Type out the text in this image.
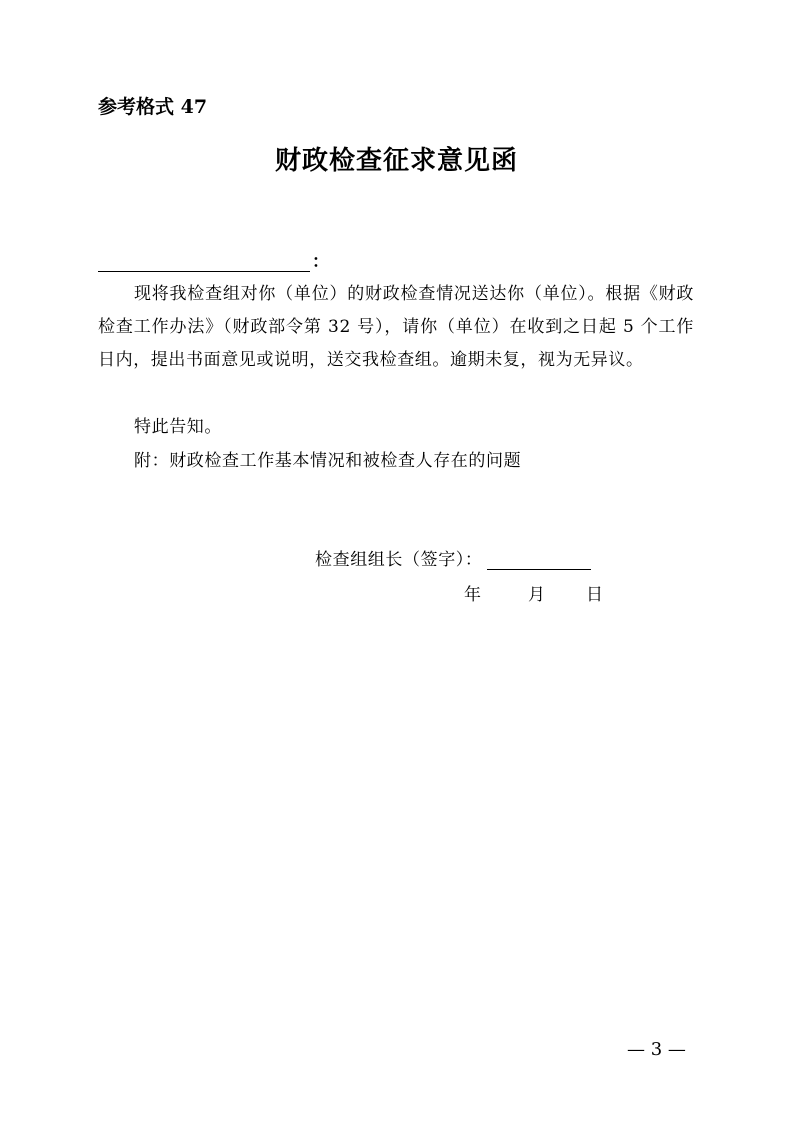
参考格式 47
财政检查征求意见函
：

现将我检查组对你（单位）的财政检查情况送达你（单位）。根据《财政检查工作办法》（财政部令第 32 号），请你（单位）在收到之日起 5 个工作日内，提出书面意见或说明，送交我检查组。逾期未复，视为无异议。

特此告知。

附：财政检查工作基本情况和被检查人存在的问题

检查组组长（签字）：
年	月 日
— 3 —
